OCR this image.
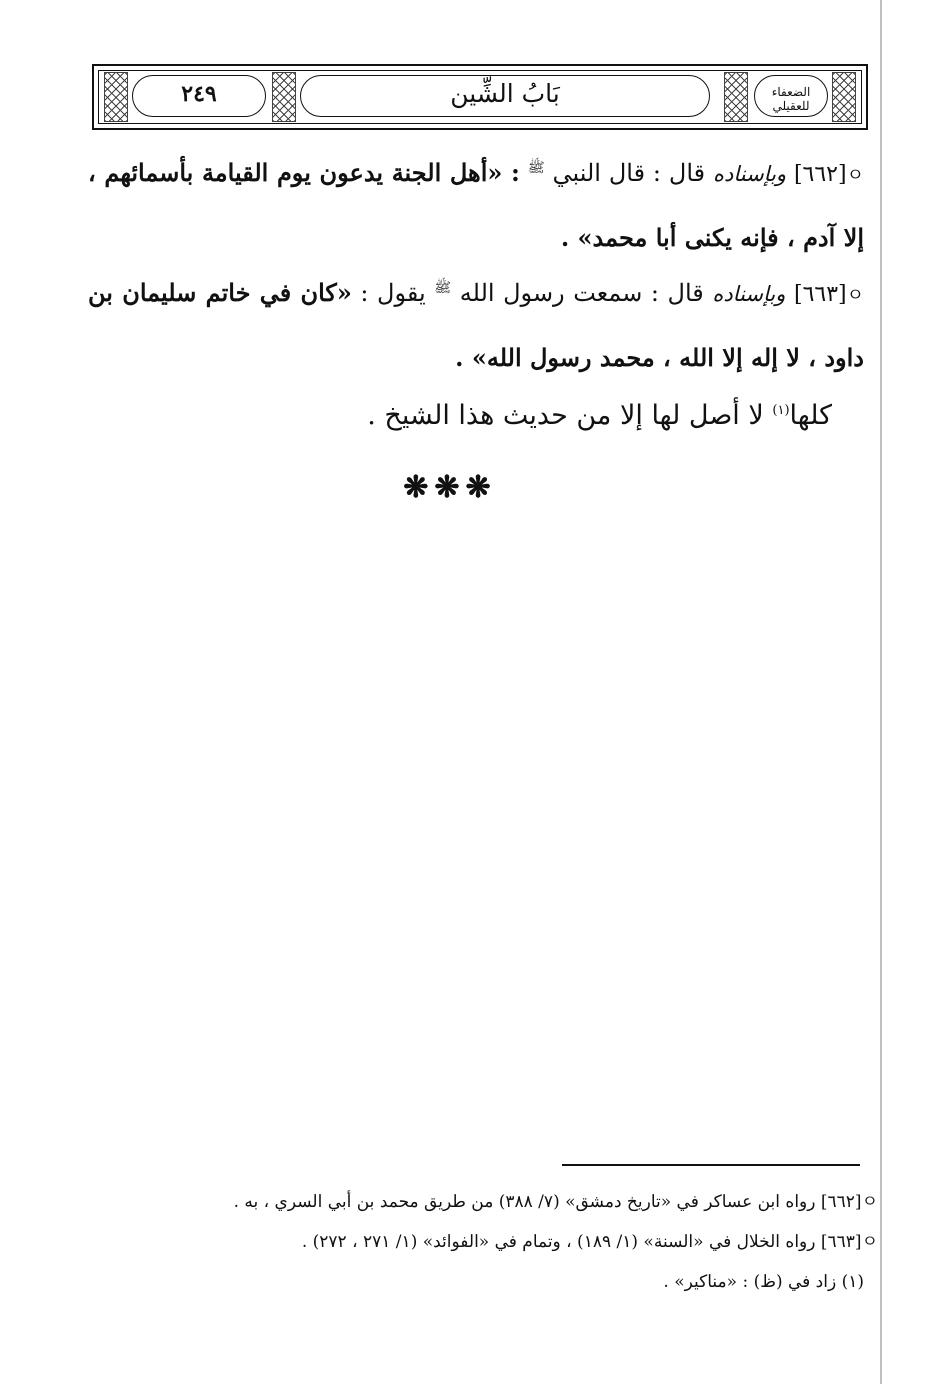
٢٤٩	بَابُ الشِّين	الضعفاء للعقيلي
ㅇ[٦٦٢] وبإسناده قال : قال النبي $^ﷺ$ : «أهل الجنة يدعون يوم القيامة بأسمائهم ، إلا آدم ، فإنه يكنى أبا محمد» .
ㅇ[٦٦٣] وبإسناده قال : سمعت رسول الله $^ﷺ$ يقول : «كان في خاتم سليمان بن داود ، لا إله إلا الله ، محمد رسول الله» .
كلها$^{(١)}$ لا أصل لها إلا من حديث هذا الشيخ .
❋❋❋
ㅇ[٦٦٢] رواه ابن عساكر في «تاريخ دمشق» (٧/ ٣٨٨) من طريق محمد بن أبي السري ، به .
ㅇ[٦٦٣] رواه الخلال في «السنة» (١/ ١٨٩) ، وتمام في «الفوائد» (١/ ٢٧١ ، ٢٧٢) .
(١) زاد في (ظ) : «مناكير» .
